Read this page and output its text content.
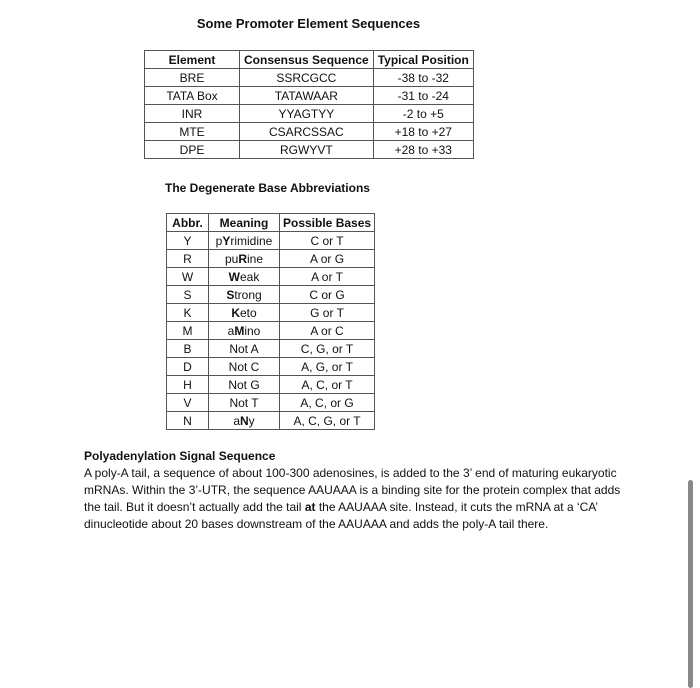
Some Promoter Element Sequences
Element	Consensus Sequence	Typical Position
BRE	SSRCGCC	-38 to -32
TATA Box	TATAWAAR	-31 to -24
INR	YYAGTYY	-2 to +5
MTE	CSARCSSAC	+18 to +27
DPE	RGWYVT	+28 to +33
The Degenerate Base Abbreviations
Abbr.	Meaning	Possible Bases
Y	pYrimidine	C or T
R	puRine	A or G
W	Weak	A or T
S	Strong	C or G
K	Keto	G or T
M	aMino	A or C
B	Not A	C, G, or T
D	Not C	A, G, or T
H	Not G	A, C, or T
V	Not T	A, C, or G
N	aNy	A, C, G, or T
Polyadenylation Signal Sequence
A poly-A tail, a sequence of about 100-300 adenosines, is added to the 3’ end of maturing eukaryotic mRNAs. Within the 3’-UTR, the sequence AAUAAA is a binding site for the protein complex that adds the tail. But it doesn’t actually add the tail at the AAUAAA site. Instead, it cuts the mRNA at a ‘CA’ dinucleotide about 20 bases downstream of the AAUAAA and adds the poly-A tail there.
